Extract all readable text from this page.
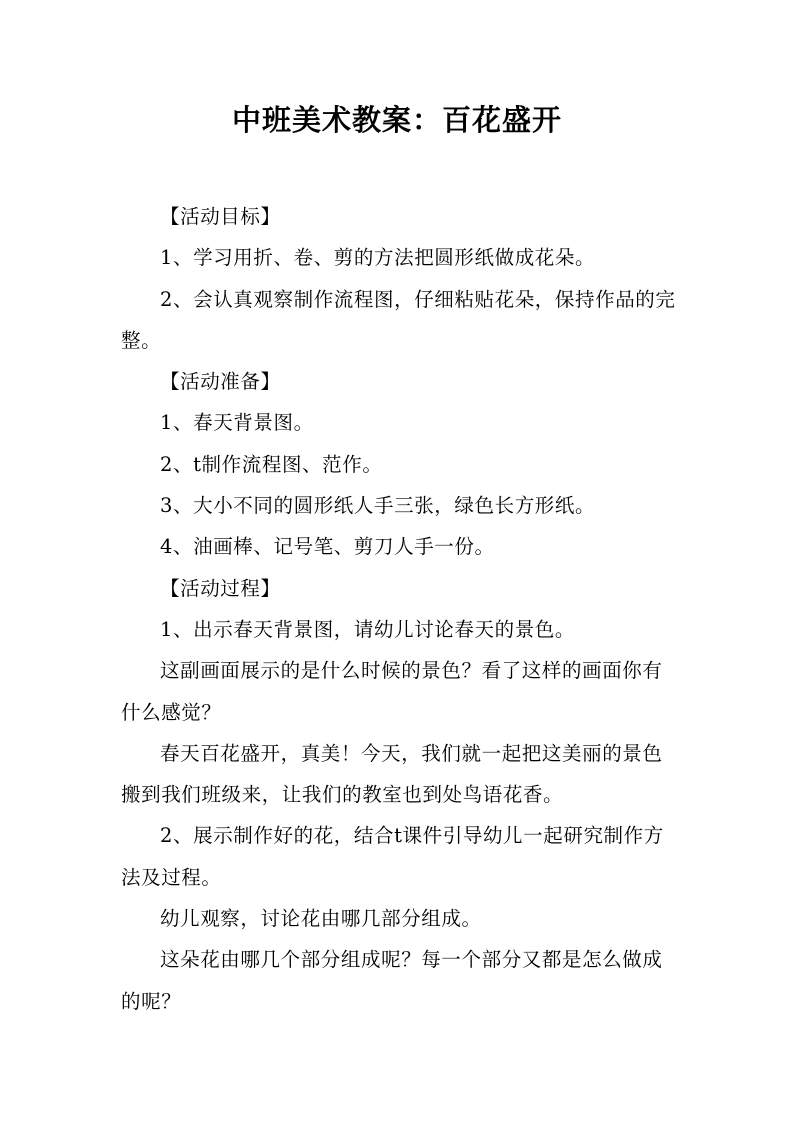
中班美术教案：百花盛开

【活动目标】

1、学习用折、卷、剪的方法把圆形纸做成花朵。

2、会认真观察制作流程图，仔细粘贴花朵，保持作品的完整。

【活动准备】

1、春天背景图。

2、t制作流程图、范作。

3、大小不同的圆形纸人手三张，绿色长方形纸。

4、油画棒、记号笔、剪刀人手一份。

【活动过程】

1、出示春天背景图，请幼儿讨论春天的景色。

这副画面展示的是什么时候的景色？看了这样的画面你有什么感觉？

春天百花盛开，真美！今天，我们就一起把这美丽的景色搬到我们班级来，让我们的教室也到处鸟语花香。

2、展示制作好的花，结合t课件引导幼儿一起研究制作方法及过程。

幼儿观察，讨论花由哪几部分组成。

这朵花由哪几个部分组成呢？每一个部分又都是怎么做成的呢？
